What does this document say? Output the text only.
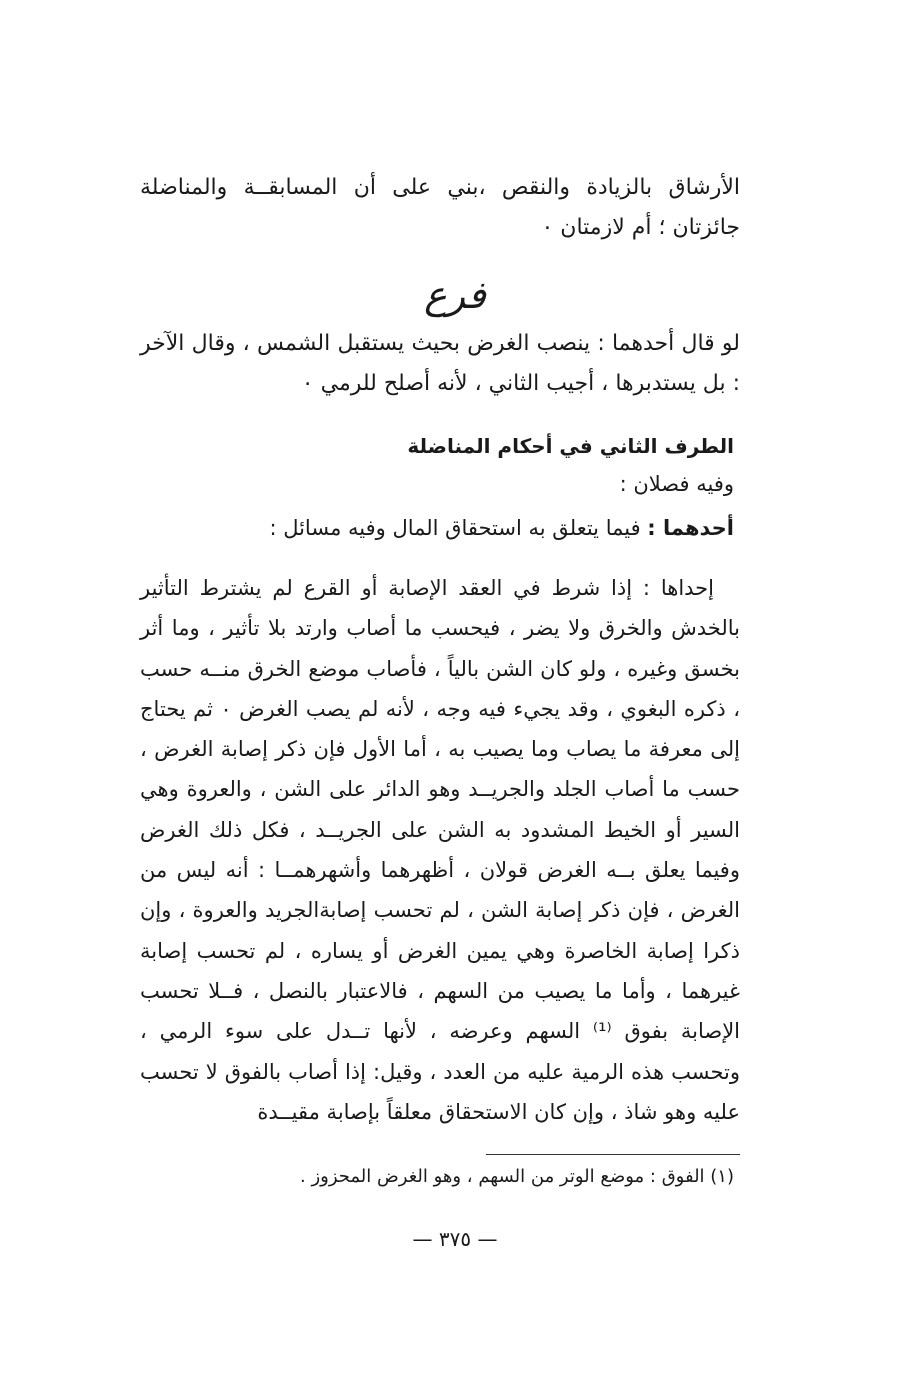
الأرشاق بالزيادة والنقص ،بني على أن المسابقــة والمناضلة جائزتان ؛ أم لازمتان ٠
فرع
لو قال أحدهما : ينصب الغرض بحيث يستقبل الشمس ، وقال الآخر : بل يستدبرها ، أجيب الثاني ، لأنه أصلح للرمي ٠
الطرف الثاني في أحكام المناضلة
وفيه فصلان :
أحدهما : فيما يتعلق به استحقاق المال وفيه مسائل :
إحداها : إذا شرط في العقد الإصابة أو القرع لم يشترط التأثير بالخدش والخرق ولا يضر ، فيحسب ما أصاب وارتد بلا تأثير ، وما أثر بخسق وغيره ، ولو كان الشن بالياً ، فأصاب موضع الخرق منــه حسب ، ذكره البغوي ، وقد يجيء فيه وجه ، لأنه لم يصب الغرض ٠ ثم يحتاج إلى معرفة ما يصاب وما يصيب به ، أما الأول فإن ذكر إصابة الغرض ، حسب ما أصاب الجلد والجريــد وهو الدائر على الشن ، والعروة وهي السير أو الخيط المشدود به الشن على الجريــد ، فكل ذلك الغرض وفيما يعلق بــه الغرض قولان ، أظهرهما وأشهرهمــا : أنه ليس من الغرض ، فإن ذكر إصابة الشن ، لم تحسب إصابةالجريد والعروة ، وإن ذكرا إصابة الخاصرة وهي يمين الغرض أو يساره ، لم تحسب إصابة غيرهما ، وأما ما يصيب من السهم ، فالاعتبار بالنصل ، فــلا تحسب الإصابة بفوق ⁽¹⁾ السهم وعرضه ، لأنها تــدل على سوء الرمي ، وتحسب هذه الرمية عليه من العدد ، وقيل: إذا أصاب بالفوق لا تحسب عليه وهو شاذ ، وإن كان الاستحقاق معلقاً بإصابة مقيــدة
(١) الفوق : موضع الوتر من السهم ، وهو الغرض المحزوز .
— ٣٧٥ —
